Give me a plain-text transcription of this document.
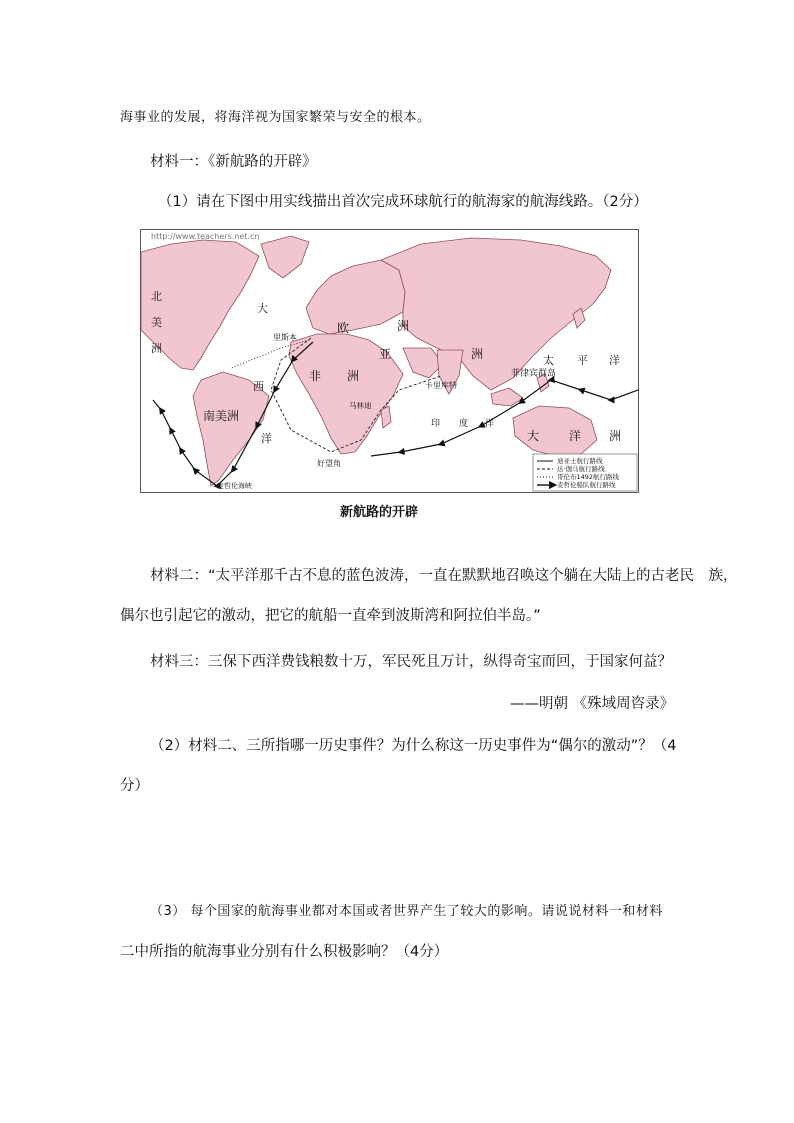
海事业的发展，将海洋视为国家繁荣与安全的根本。
材料一：《新航路的开辟》
（1）请在下图中用实线描出首次完成环球航行的航海家的航海线路。（2分）
http://www.teachers.net.cn
北
美
洲
大
西
洋
欧	洲
亚	洲
非 洲
南美洲
里斯本
卡里库特
马林迪
印 度 洋
好望角
麦哲伦海峡
菲律宾群岛
太 平 洋
大 洋 洲
迪亚士航行路线
达·伽马航行路线
哥伦布1492航行路线
麦哲伦船队航行路线
新航路的开辟
材料二：“太平洋那千古不息的蓝色波涛，一直在默默地召唤这个躺在大陆上的古老民　族，
偶尔也引起它的激动，把它的航船一直牵到波斯湾和阿拉伯半岛。”
材料三：三保下西洋费钱粮数十万，军民死且万计，纵得奇宝而回，于国家何益？
——明朝 《殊域周咨录》
（2）材料二、三所指哪一历史事件？为什么称这一历史事件为“偶尔的激动”？（4
分）
（3） 每个国家的航海事业都对本国或者世界产生了较大的影响。请说说材料一和材料
二中所指的航海事业分别有什么积极影响？（4分）
